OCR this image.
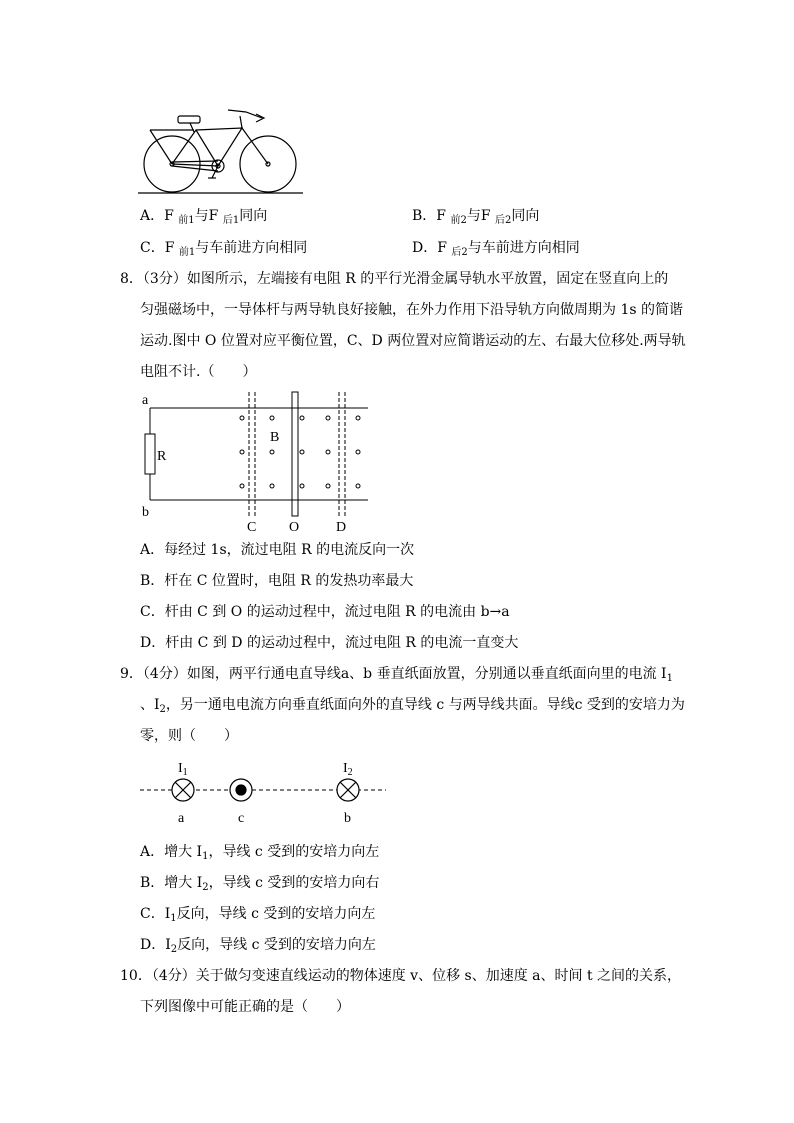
A．F $_{前1}$与F $_{后1}$同向	B．F $_{前2}$与F $_{后2}$同向
C．F $_{前1}$与车前进方向相同	D．F $_{后2}$与车前进方向相同
8．（3分）如图所示，左端接有电阻 R 的平行光滑金属导轨水平放置，固定在竖直向上的
匀强磁场中，一导体杆与两导轨良好接触，在外力作用下沿导轨方向做周期为 1s 的简谐
运动.图中 O 位置对应平衡位置，C、D 两位置对应简谐运动的左、右最大位移处.两导轨
电阻不计.（　　）
a
b
R
B
C O	D
A．每经过 1s，流过电阻 R 的电流反向一次
B．杆在 C 位置时，电阻 R 的发热功率最大
C．杆由 C 到 O 的运动过程中，流过电阻 R 的电流由 b→a
D．杆由 C 到 D 的运动过程中，流过电阻 R 的电流一直变大
9．（4分）如图，两平行通电直导线a、b 垂直纸面放置，分别通以垂直纸面向里的电流 $I_1$
、$I_2$，另一通电电流方向垂直纸面向外的直导线 c 与两导线共面。导线c 受到的安培力为
零，则（　　）
$I_1$	$I_2$
a	c	b
A．增大 $I_1$，导线 c 受到的安培力向左
B．增大 $I_2$，导线 c 受到的安培力向右
C．$I_1$反向，导线 c 受到的安培力向左
D．$I_2$反向，导线 c 受到的安培力向左
10．（4分）关于做匀变速直线运动的物体速度 v、位移 s、加速度 a、时间 t 之间的关系，
下列图像中可能正确的是（　　）
